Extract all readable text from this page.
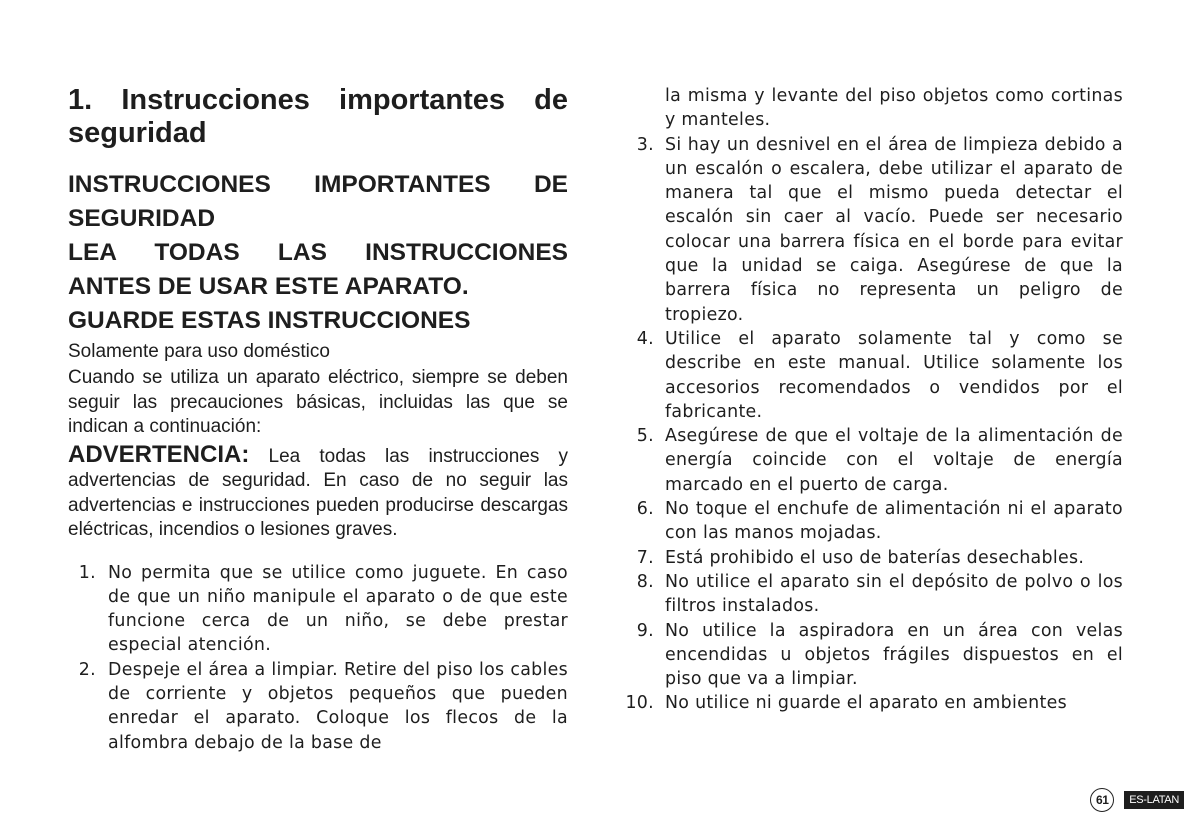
1. Instrucciones importantes de seguridad

INSTRUCCIONES IMPORTANTES DE

SEGURIDAD

LEA TODAS LAS INSTRUCCIONES

ANTES DE USAR ESTE APARATO.

GUARDE ESTAS INSTRUCCIONES

Solamente para uso doméstico

Cuando se utiliza un aparato eléctrico, siempre se deben seguir las precauciones básicas, incluidas las que se indican a continuación:

ADVERTENCIA: Lea todas las instrucciones y advertencias de seguridad. En caso de no seguir las advertencias e instrucciones pueden producirse descargas eléctricas, incendios o lesiones graves.

1. No permita que se utilice como juguete. En caso de que un niño manipule el aparato o de que este funcione cerca de un niño, se debe prestar especial atención.
2. Despeje el área a limpiar. Retire del piso los cables de corriente y objetos pequeños que pueden enredar el aparato. Coloque los flecos de la alfombra debajo de la base de
la misma y levante del piso objetos como cortinas y manteles.
3. Si hay un desnivel en el área de limpieza debido a un escalón o escalera, debe utilizar el aparato de manera tal que el mismo pueda detectar el escalón sin caer al vacío. Puede ser necesario colocar una barrera física en el borde para evitar que la unidad se caiga. Asegúrese de que la barrera física no representa un peligro de tropiezo.
4. Utilice el aparato solamente tal y como se describe en este manual. Utilice solamente los accesorios recomendados o vendidos por el fabricante.
5. Asegúrese de que el voltaje de la alimentación de energía coincide con el voltaje de energía marcado en el puerto de carga.
6. No toque el enchufe de alimentación ni el aparato con las manos mojadas.
7. Está prohibido el uso de baterías desechables.
8. No utilice el aparato sin el depósito de polvo o los filtros instalados.
9. No utilice la aspiradora en un área con velas encendidas u objetos frágiles dispuestos en el piso que va a limpiar.
10. No utilice ni guarde el aparato en ambientes
61	ES-LATAN
